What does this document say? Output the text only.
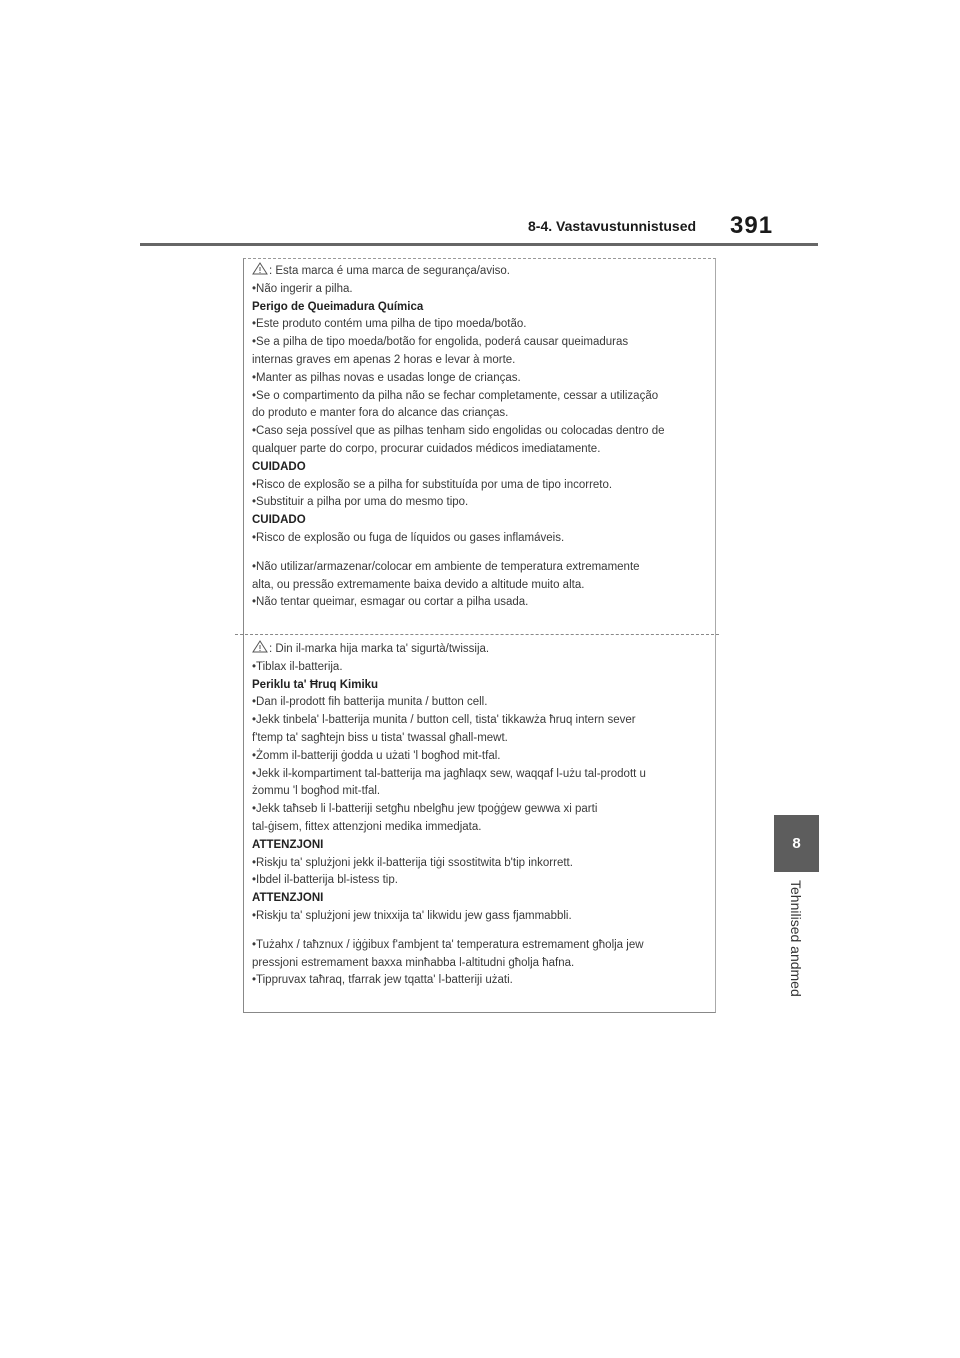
8-4. Vastavustunnistused 391
8
Tehnilised andmed

: Esta marca é uma marca de segurança/aviso.

•Não ingerir a pilha.

Perigo de Queimadura Química

•Este produto contém uma pilha de tipo moeda/botão.

•Se a pilha de tipo moeda/botão for engolida, poderá causar queimaduras

internas graves em apenas 2 horas e levar à morte.

•Manter as pilhas novas e usadas longe de crianças.

•Se o compartimento da pilha não se fechar completamente, cessar a utilização

do produto e manter fora do alcance das crianças.

•Caso seja possível que as pilhas tenham sido engolidas ou colocadas dentro de

qualquer parte do corpo, procurar cuidados médicos imediatamente.

CUIDADO

•Risco de explosão se a pilha for substituída por uma de tipo incorreto.

•Substituir a pilha por uma do mesmo tipo.

CUIDADO

•Risco de explosão ou fuga de líquidos ou gases inflamáveis.

•Não utilizar/armazenar/colocar em ambiente de temperatura extremamente

alta, ou pressão extremamente baixa devido a altitude muito alta.

•Não tentar queimar, esmagar ou cortar a pilha usada.

: Din il-marka hija marka ta' sigurtà/twissija.

•Tiblax il-batterija.

Periklu ta' Ħruq Kimiku

•Dan il-prodott fih batterija munita / button cell.

•Jekk tinbela' l-batterija munita / button cell, tista' tikkawża ħruq intern sever

f'temp ta' sagħtejn biss u tista' twassal għall-mewt.

•Żomm il-batteriji ġodda u użati 'l bogħod mit-tfal.

•Jekk il-kompartiment tal-batterija ma jagħlaqx sew, waqqaf l-użu tal-prodott u

żommu 'l bogħod mit-tfal.

•Jekk taħseb li l-batteriji setgħu nbelgħu jew tpoġġew gewwa xi parti

tal-ġisem, fittex attenzjoni medika immedjata.

ATTENZJONI

•Riskju ta' splużjoni jekk il-batterija tiġi ssostitwita b'tip inkorrett.

•Ibdel il-batterija bl-istess tip.

ATTENZJONI

•Riskju ta' splużjoni jew tnixxija ta' likwidu jew gass fjammabbli.

•Tużahx / taħznux / iġġibux f'ambjent ta' temperatura estremament għolja jew

pressjoni estremament baxxa minħabba l-altitudni għolja ħafna.

•Tippruvax taħraq, tfarrak jew tqatta' l-batteriji użati.
